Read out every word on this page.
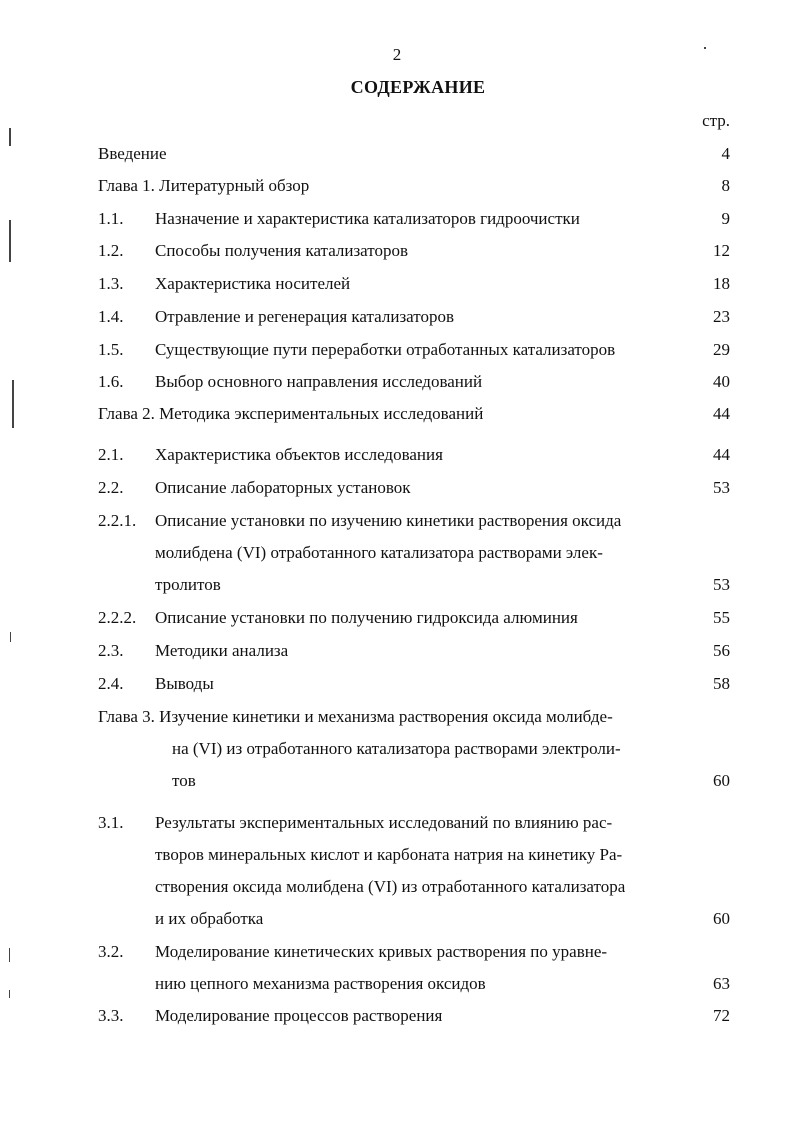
2
СОДЕРЖАНИЕ
стр.
Введение	4
Глава 1. Литературный обзор	8
1.1. Назначение и характеристика катализаторов гидроочистки	9
1.2. Способы получения катализаторов	12
1.3. Характеристика носителей	18
1.4. Отравление и регенерация катализаторов	23
1.5. Существующие пути переработки отработанных катализаторов	29
1.6. Выбор основного направления исследований	40
Глава 2. Методика экспериментальных исследований	44
2.1. Характеристика объектов исследования	44
2.2. Описание лабораторных установок	53
2.2.1. Описание установки по изучению кинетики растворения оксида
молибдена (VI) отработанного катализатора растворами элек-
тролитов	53
2.2.2. Описание установки по получению гидроксида алюминия	55
2.3. Методики анализа	56
2.4. Выводы	58
Глава 3. Изучение кинетики и механизма растворения оксида молибде-
на (VI) из отработанного катализатора растворами электроли-
тов	60
3.1. Результаты экспериментальных исследований по влиянию рас-
творов минеральных кислот и карбоната натрия на кинетику Ра-
створения оксида молибдена (VI) из отработанного катализатора
и их обработка	60
3.2. Моделирование кинетических кривых растворения по уравне-
нию цепного механизма растворения оксидов	63
3.3. Моделирование процессов растворения	72
